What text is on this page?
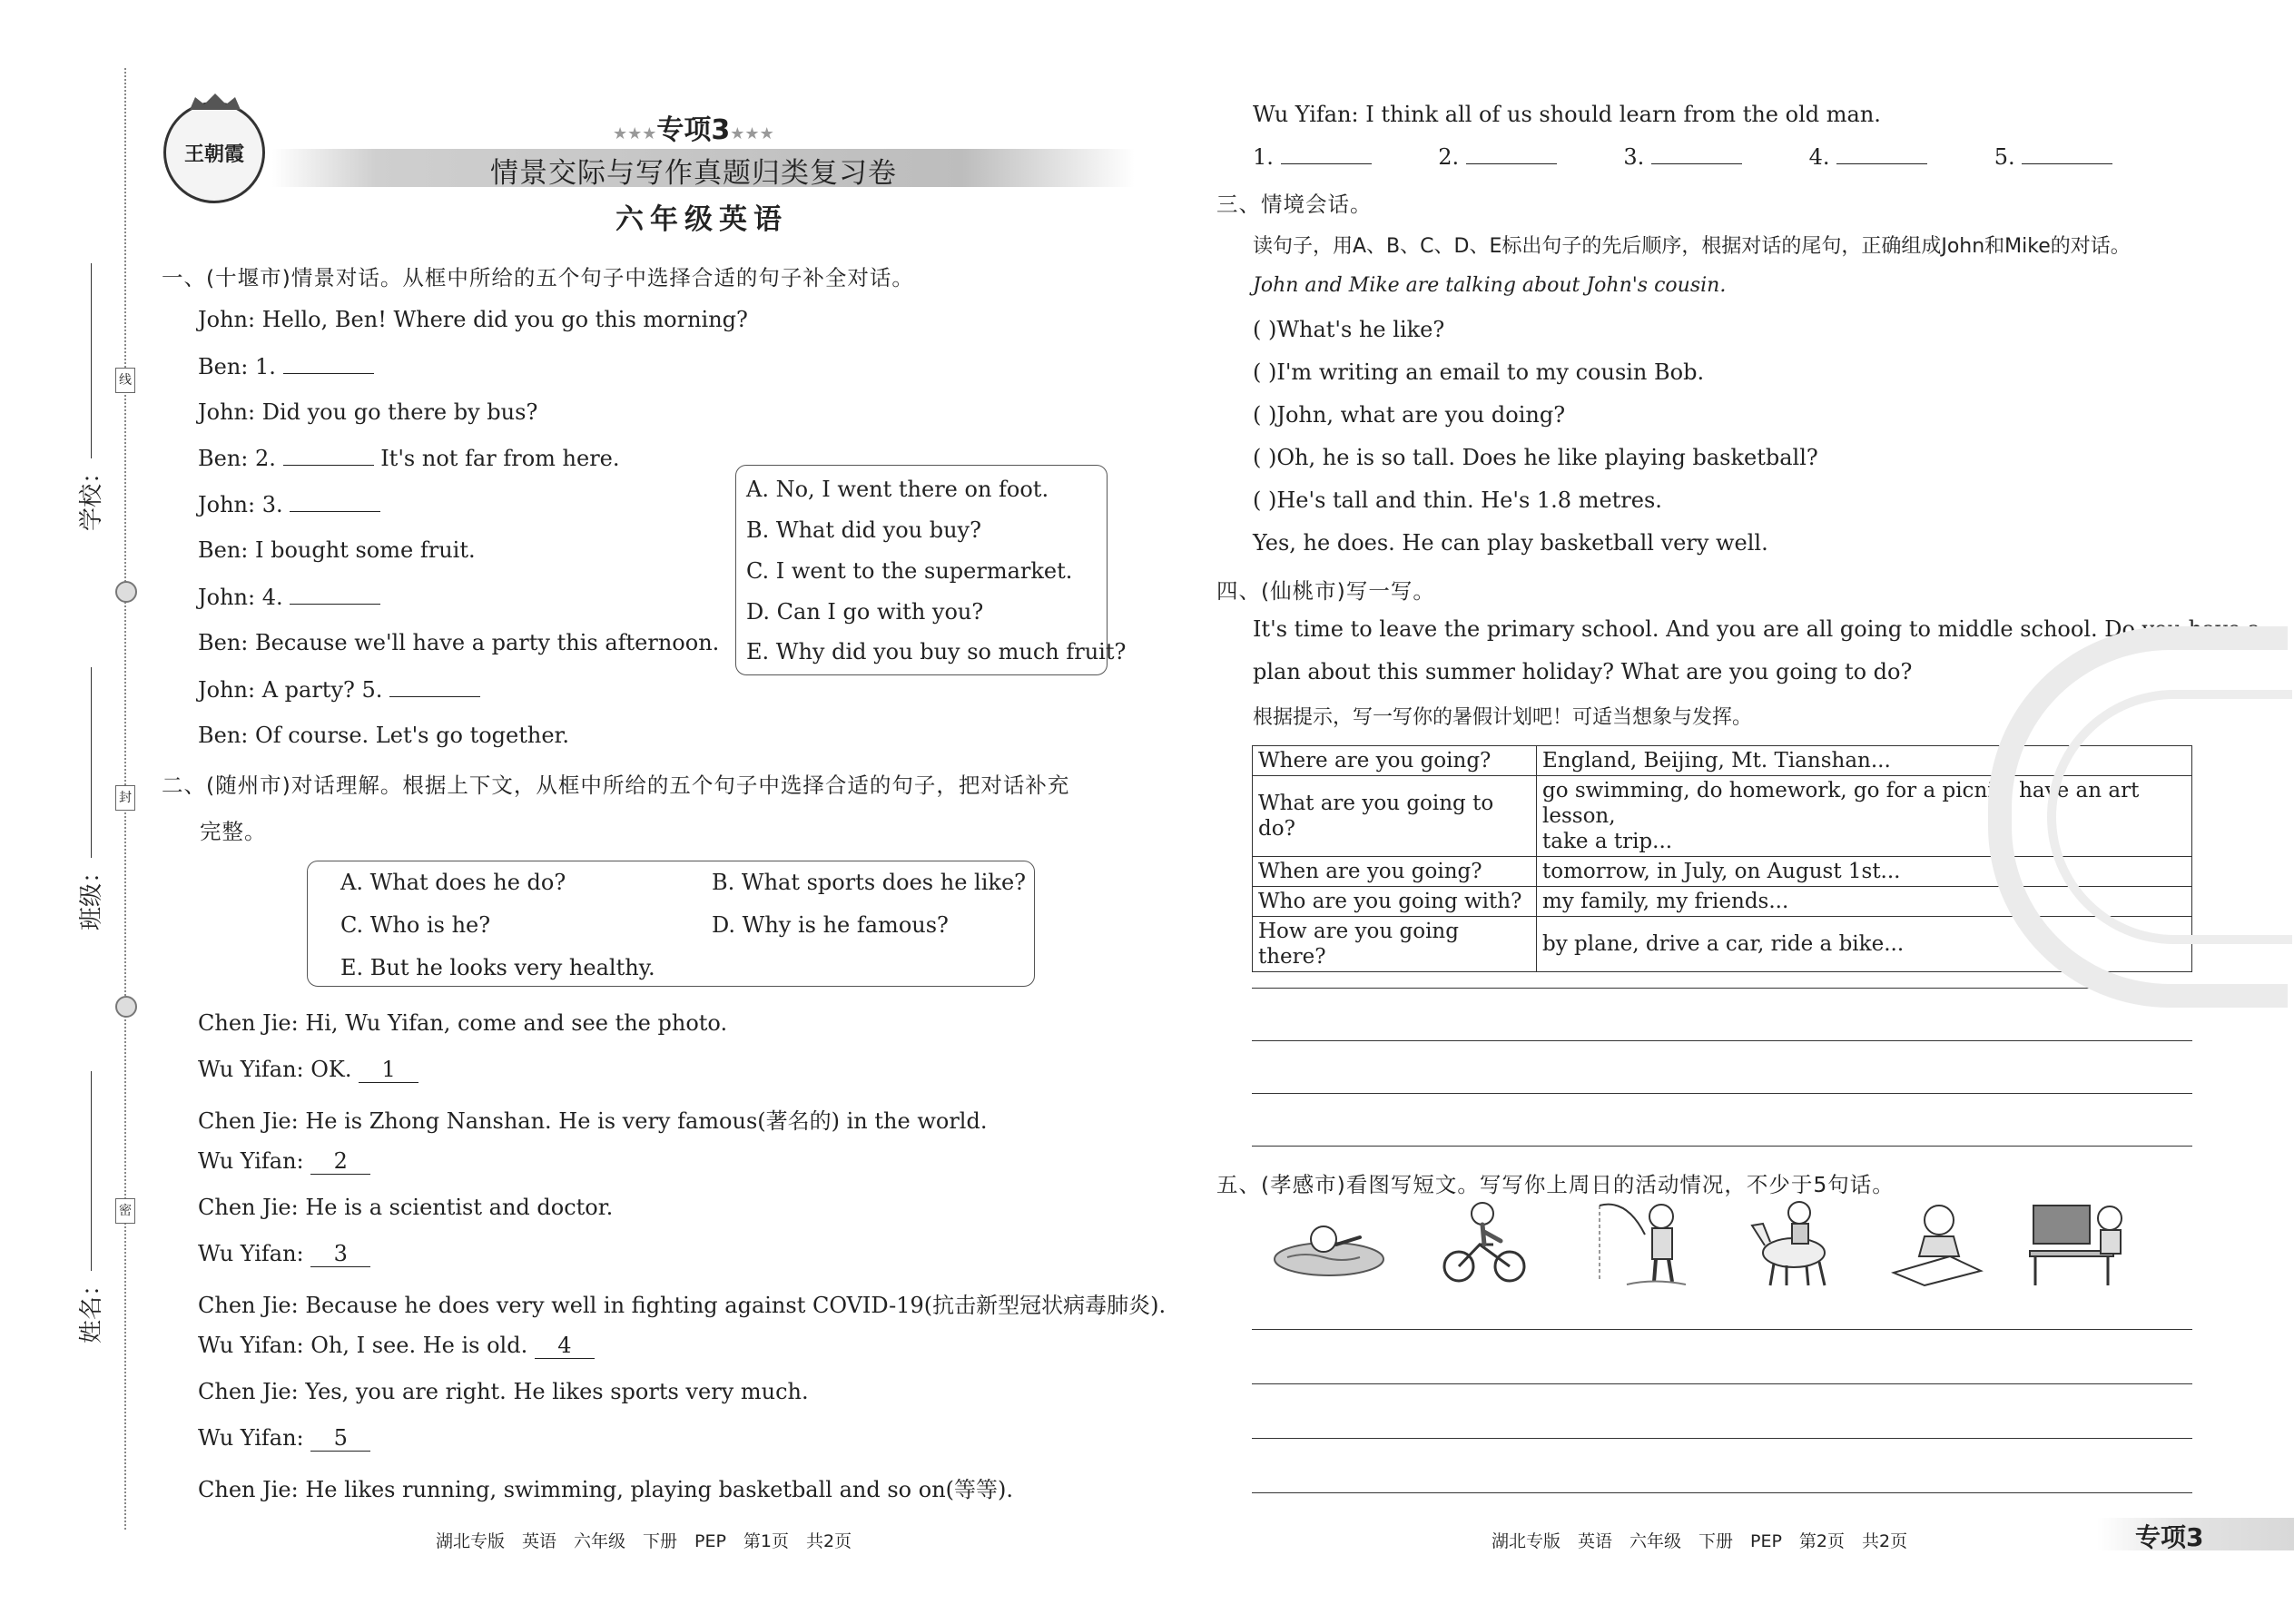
线
封
密
学校：
班级：
姓名：
王朝霞
★★★专项3★★★
情景交际与写作真题归类复习卷
六年级英语
一、(十堰市)情景对话。从框中所给的五个句子中选择合适的句子补全对话。
John: Hello, Ben! Where did you go this morning?
Ben: 1.
John: Did you go there by bus?
Ben: 2.	It's not far from here.
John: 3.
Ben: I bought some fruit.
John: 4.
Ben: Because we'll have a party this afternoon.
John: A party? 5.
Ben: Of course. Let's go together.
A. No, I went there on foot.
B. What did you buy?
C. I went to the supermarket.
D. Can I go with you?
E. Why did you buy so much fruit?
二、(随州市)对话理解。根据上下文，从框中所给的五个句子中选择合适的句子，把对话补充
完整。
A. What does he do?	B. What sports does he like?
C. Who is he?	D. Why is he famous?
E. But he looks very healthy.
Chen Jie: Hi, Wu Yifan, come and see the photo.
Wu Yifan: OK. 1
Chen Jie: He is Zhong Nanshan. He is very famous(著名的) in the world.
Wu Yifan: 2
Chen Jie: He is a scientist and doctor.
Wu Yifan: 3
Chen Jie: Because he does very well in fighting against COVID-19(抗击新型冠状病毒肺炎).
Wu Yifan: Oh, I see. He is old. 4
Chen Jie: Yes, you are right. He likes sports very much.
Wu Yifan: 5
Chen Jie: He likes running, swimming, playing basketball and so on(等等).
湖北专版　英语　六年级　下册　PEP　第1页　共2页
Wu Yifan: I think all of us should learn from the old man.
1.	2.	3.	4.	5.
三、情境会话。
读句子，用A、B、C、D、E标出句子的先后顺序，根据对话的尾句，正确组成John和Mike的对话。
John and Mike are talking about John's cousin.
( )What's he like?
( )I'm writing an email to my cousin Bob.
( )John, what are you doing?
( )Oh, he is so tall. Does he like playing basketball?
( )He's tall and thin. He's 1.8 metres.
Yes, he does. He can play basketball very well.
四、(仙桃市)写一写。
It's time to leave the primary school. And you are all going to middle school. Do you have a
plan about this summer holiday? What are you going to do?
根据提示，写一写你的暑假计划吧！可适当想象与发挥。
Where are you going?	England, Beijing, Mt. Tianshan...
What are you going to do?	go swimming, do homework, go for a picnic, have an art lesson,
take a trip...

When are you going?	tomorrow, in July, on August 1st...
Who are you going with?	my family, my friends...
How are you going there?	by plane, drive a car, ride a bike...
五、(孝感市)看图写短文。写写你上周日的活动情况，不少于5句话。
湖北专版　英语　六年级　下册　PEP　第2页　共2页	专项3
